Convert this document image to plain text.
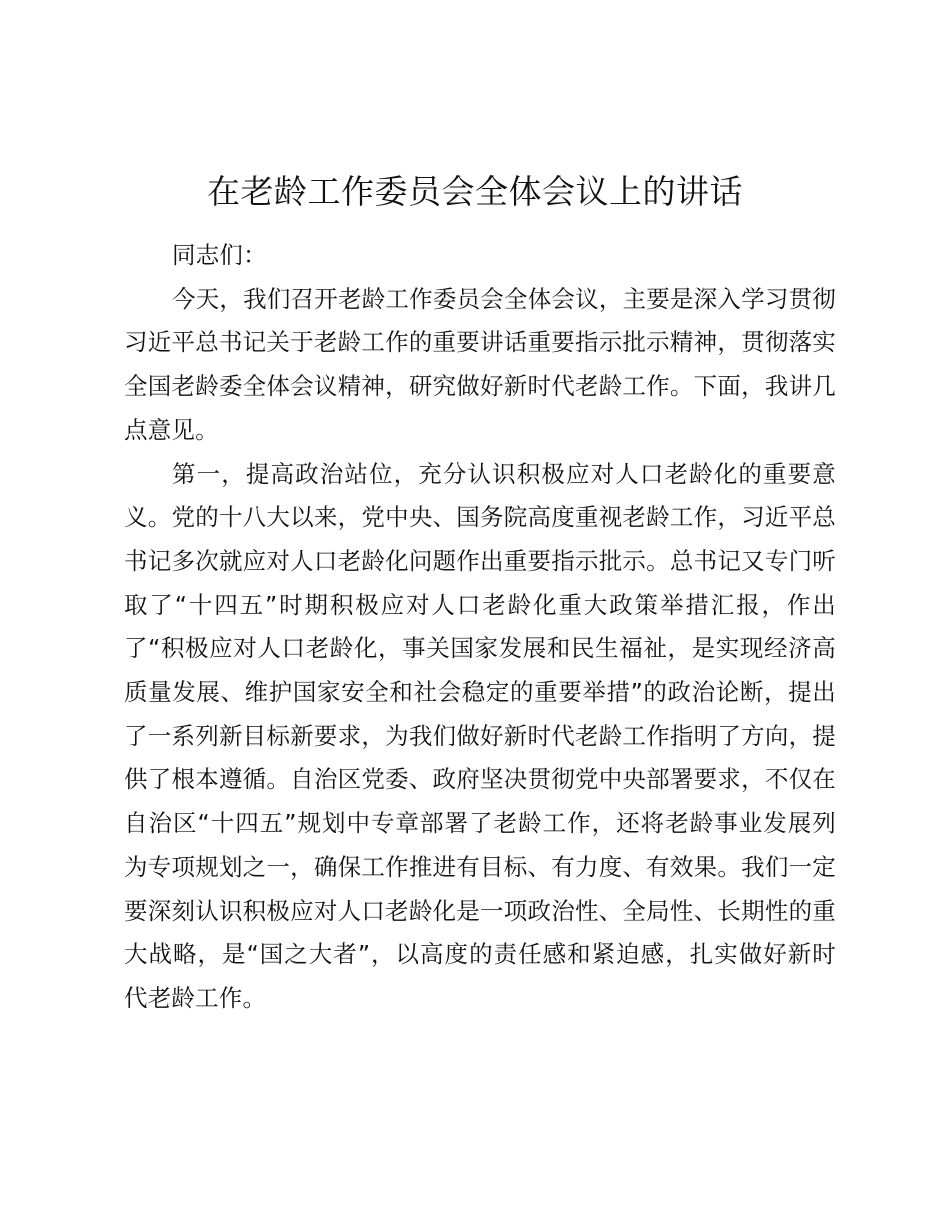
在老龄工作委员会全体会议上的讲话

同志们：

今天，我们召开老龄工作委员会全体会议，主要是深入学习贯彻习近平总书记关于老龄工作的重要讲话重要指示批示精神，贯彻落实全国老龄委全体会议精神，研究做好新时代老龄工作。下面，我讲几点意见。

第一，提高政治站位，充分认识积极应对人口老龄化的重要意义。党的十八大以来，党中央、国务院高度重视老龄工作，习近平总书记多次就应对人口老龄化问题作出重要指示批示。总书记又专门听取了“十四五”时期积极应对人口老龄化重大政策举措汇报，作出了“积极应对人口老龄化，事关国家发展和民生福祉，是实现经济高质量发展、维护国家安全和社会稳定的重要举措”的政治论断，提出了一系列新目标新要求，为我们做好新时代老龄工作指明了方向，提供了根本遵循。自治区党委、政府坚决贯彻党中央部署要求，不仅在自治区“十四五”规划中专章部署了老龄工作，还将老龄事业发展列为专项规划之一，确保工作推进有目标、有力度、有效果。我们一定要深刻认识积极应对人口老龄化是一项政治性、全局性、长期性的重大战略，是“国之大者”，以高度的责任感和紧迫感，扎实做好新时代老龄工作。
